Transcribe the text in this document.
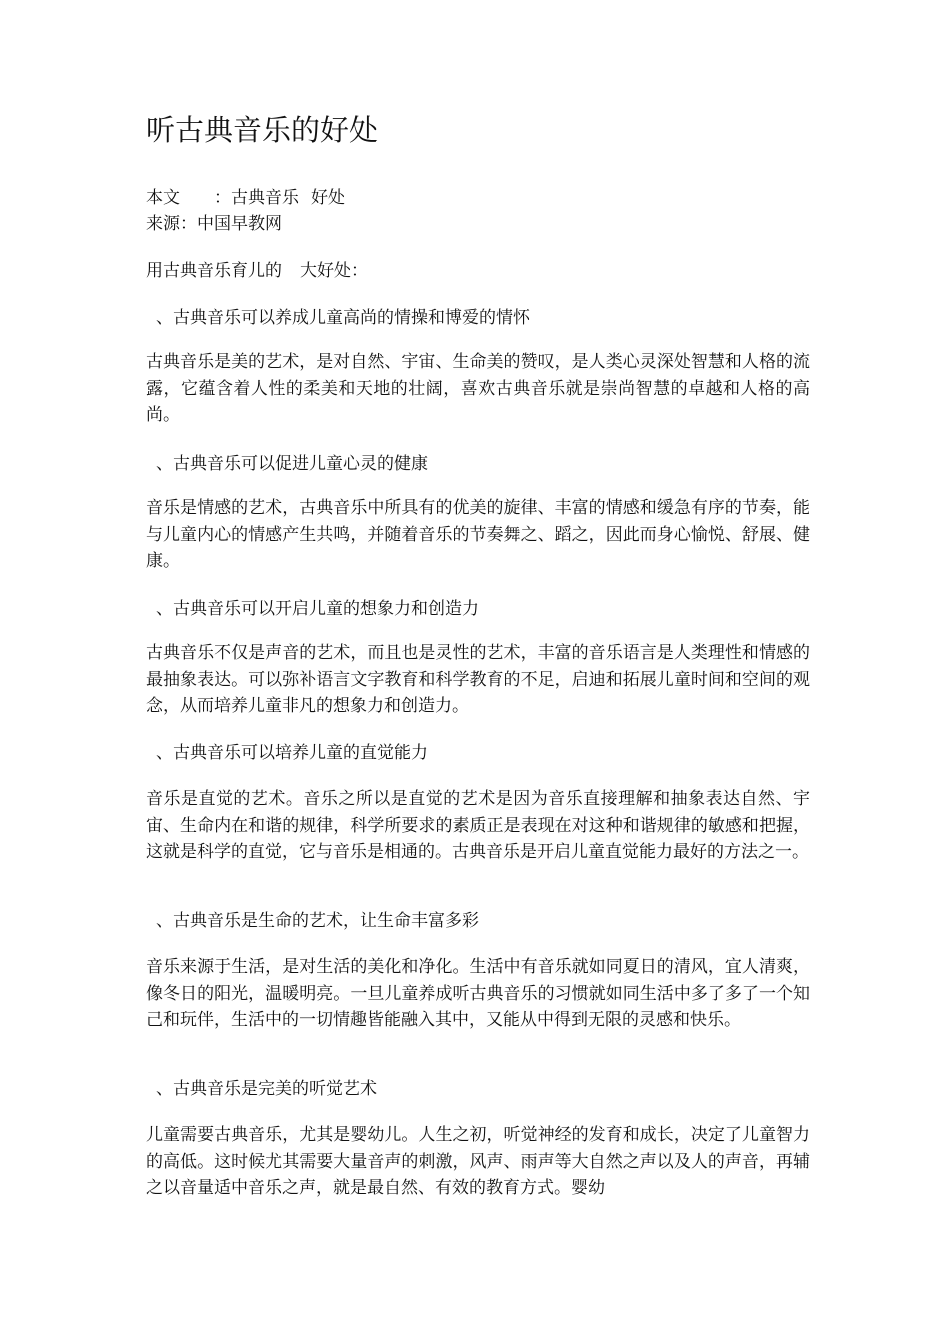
听古典音乐的好处
本文 ：古典音乐 好处
来源：中国早教网
用古典音乐育儿的 大好处：
、古典音乐可以养成儿童高尚的情操和博爱的情怀
古典音乐是美的艺术，是对自然、宇宙、生命美的赞叹，是人类心灵深处智慧和人格的流露，它蕴含着人性的柔美和天地的壮阔，喜欢古典音乐就是崇尚智慧的卓越和人格的高尚。
、古典音乐可以促进儿童心灵的健康
音乐是情感的艺术，古典音乐中所具有的优美的旋律、丰富的情感和缓急有序的节奏，能与儿童内心的情感产生共鸣，并随着音乐的节奏舞之、蹈之，因此而身心愉悦、舒展、健康。
、古典音乐可以开启儿童的想象力和创造力
古典音乐不仅是声音的艺术，而且也是灵性的艺术，丰富的音乐语言是人类理性和情感的最抽象表达。可以弥补语言文字教育和科学教育的不足，启迪和拓展儿童时间和空间的观念，从而培养儿童非凡的想象力和创造力。
、古典音乐可以培养儿童的直觉能力
音乐是直觉的艺术。音乐之所以是直觉的艺术是因为音乐直接理解和抽象表达自然、宇宙、生命内在和谐的规律，科学所要求的素质正是表现在对这种和谐规律的敏感和把握，这就是科学的直觉，它与音乐是相通的。古典音乐是开启儿童直觉能力最好的方法之一。
、古典音乐是生命的艺术，让生命丰富多彩
音乐来源于生活，是对生活的美化和净化。生活中有音乐就如同夏日的清风，宜人清爽，像冬日的阳光，温暖明亮。一旦儿童养成听古典音乐的习惯就如同生活中多了多了一个知己和玩伴，生活中的一切情趣皆能融入其中，又能从中得到无限的灵感和快乐。
、古典音乐是完美的听觉艺术
儿童需要古典音乐，尤其是婴幼儿。人生之初，听觉神经的发育和成长，决定了儿童智力的高低。这时候尤其需要大量音声的刺激，风声、雨声等大自然之声以及人的声音，再辅之以音量适中音乐之声，就是最自然、有效的教育方式。婴幼
